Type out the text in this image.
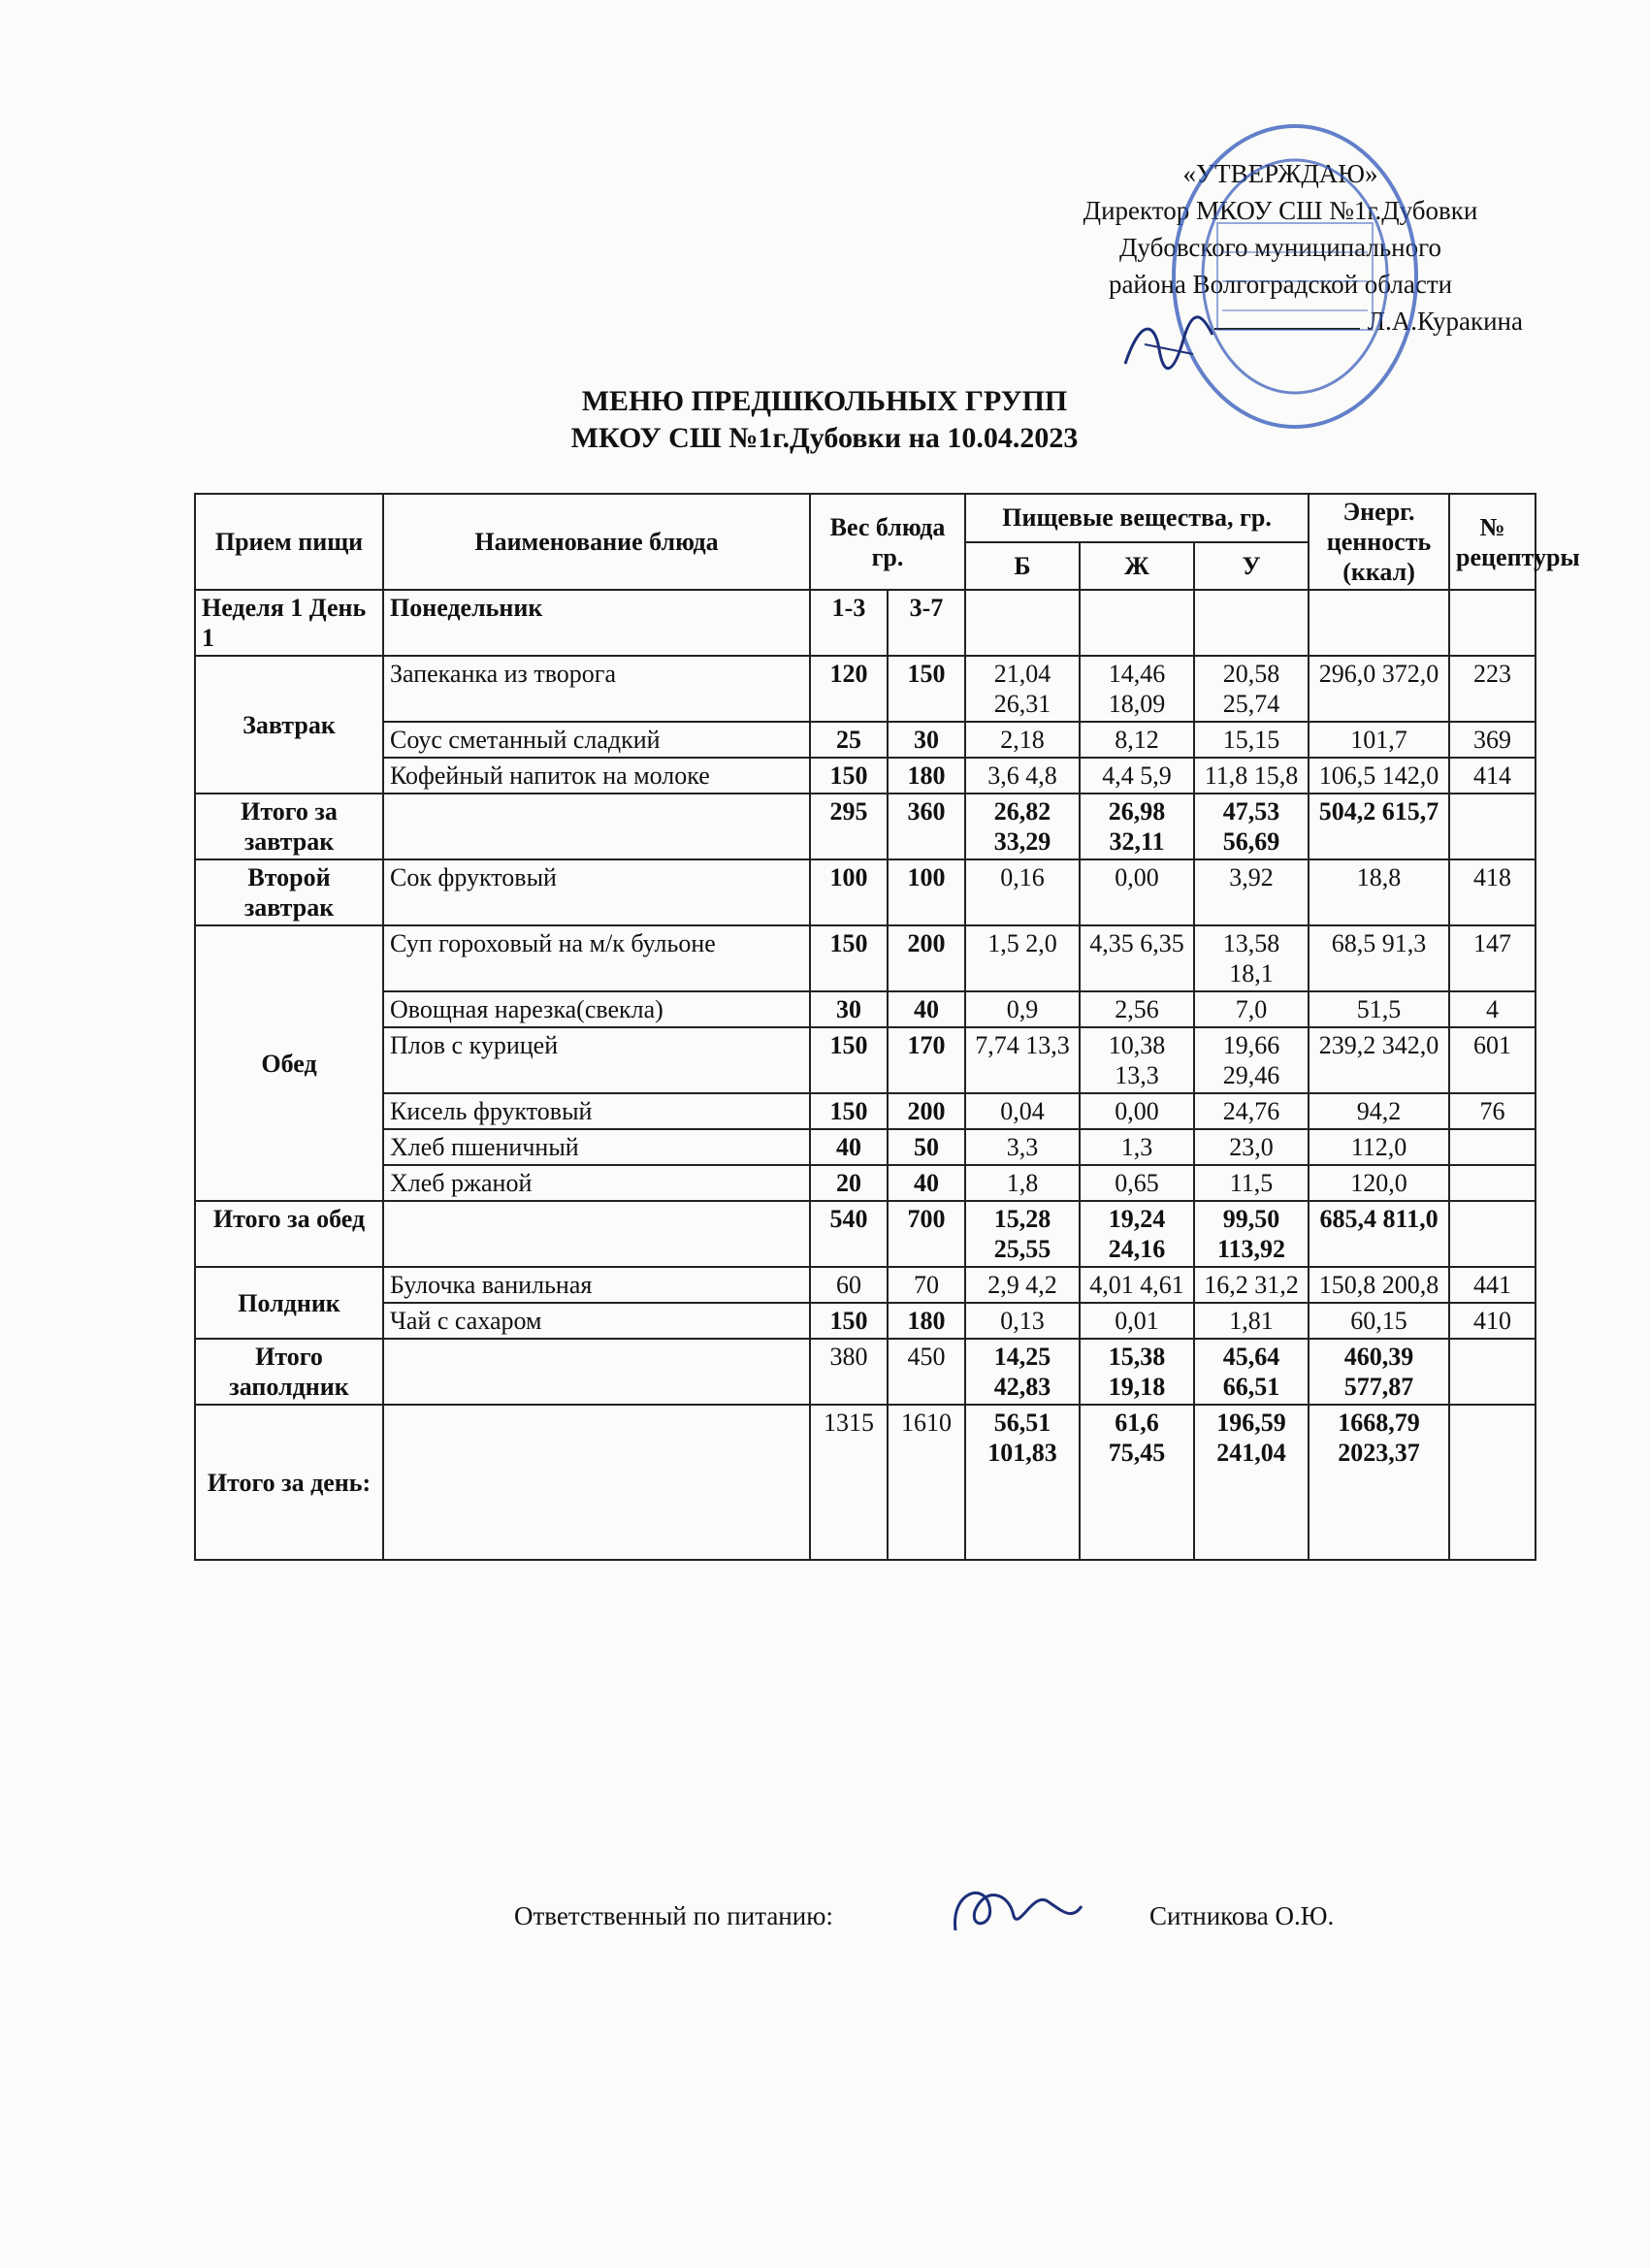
«УТВЕРЖДАЮ»
Директор МКОУ СШ №1г.Дубовки
Дубовского муниципального
района Волгоградской области
Л.А.Куракина
МЕНЮ ПРЕДШКОЛЬНЫХ ГРУПП
МКОУ СШ №1г.Дубовки на 10.04.2023
Прием пищи	Наименование блюда	Вес блюда гр.		Пищевые вещества, гр.			Энерг. ценность (ккал)	№ рецептуры
				Б	Ж	У		
Неделя 1 День 1	Понедельник	1-3	3-7					
Завтрак	Запеканка из творога	120	150	21,04 26,31	14,46 18,09	20,58 25,74	296,0 372,0	223
	Соус сметанный сладкий	25	30	2,18	8,12	15,15	101,7	369
	Кофейный напиток на молоке	150	180	3,6 4,8	4,4 5,9	11,8 15,8	106,5 142,0	414
Итого за завтрак		295	360	26,82 33,29	26,98 32,11	47,53 56,69	504,2 615,7	
Второй завтрак	Сок фруктовый	100	100	0,16	0,00	3,92	18,8	418
Обед	Суп гороховый на м/к бульоне	150	200	1,5 2,0	4,35 6,35	13,58 18,1	68,5 91,3	147
	Овощная нарезка(свекла)	30	40	0,9	2,56	7,0	51,5	4
	Плов с курицей	150	170	7,74 13,3	10,38 13,3	19,66 29,46	239,2 342,0	601
	Кисель фруктовый	150	200	0,04	0,00	24,76	94,2	76
	Хлеб пшеничный	40	50	3,3	1,3	23,0	112,0	
	Хлеб ржаной	20	40	1,8	0,65	11,5	120,0	
Итого за обед		540	700	15,28 25,55	19,24 24,16	99,50 113,92	685,4 811,0	
Полдник	Булочка ванильная	60	70	2,9 4,2	4,01 4,61	16,2 31,2	150,8 200,8	441
	Чай с сахаром	150	180	0,13	0,01	1,81	60,15	410
Итого заполдник		380	450	14,25 42,83	15,38 19,18	45,64 66,51	460,39 577,87	
Итого за день:		1315	1610	56,51 101,83	61,6 75,45	196,59 241,04	1668,79 2023,37	
Ответственный по питанию:	Ситникова О.Ю.
